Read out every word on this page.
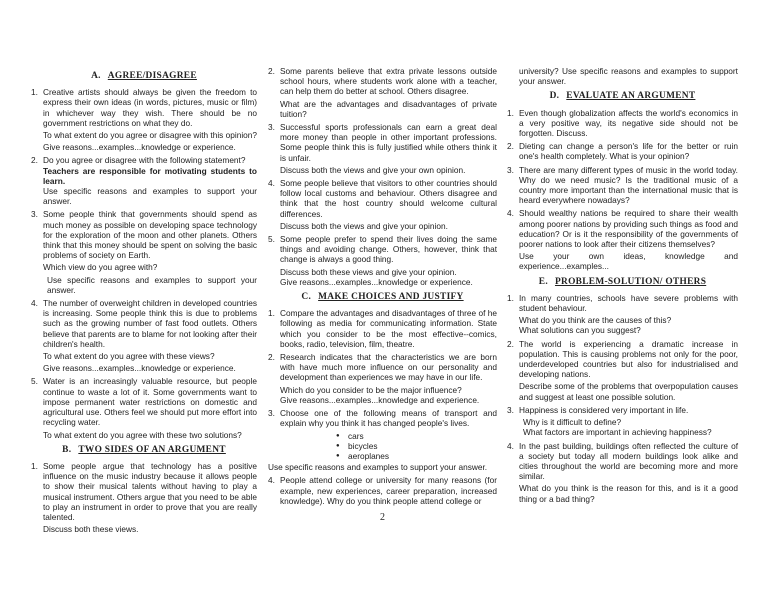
A. AGREE/DISAGREE
1. Creative artists should always be given the freedom to express their own ideas (in words, pictures, music or film) in whichever way they wish. There should be no government restrictions on what they do.

To what extent do you agree or disagree with this opinion?

Give reasons...examples...knowledge or experience.

2. Do you agree or disagree with the following statement?

Teachers are responsible for motivating students to learn.

Use specific reasons and examples to support your answer.

3. Some people think that governments should spend as much money as possible on developing space technology for the exploration of the moon and other planets. Others think that this money should be spent on solving the basic problems of society on Earth.

Which view do you agree with?

Use specific reasons and examples to support your answer.

4. The number of overweight children in developed countries is increasing. Some people think this is due to problems such as the growing number of fast food outlets. Others believe that parents are to blame for not looking after their children's health.

To what extent do you agree with these views?

Give reasons...examples...knowledge or experience.

5. Water is an increasingly valuable resource, but people continue to waste a lot of it. Some governments want to impose permanent water restrictions on domestic and agricultural use. Others feel we should put more effort into recycling water.

To what extent do you agree with these two solutions?

B. TWO SIDES OF AN ARGUMENT
1. Some people argue that technology has a positive influence on the music industry because it allows people to show their musical talents without having to play a musical instrument. Others argue that you need to be able to play an instrument in order to prove that you are really talented.

Discuss both these views.

2. Some parents believe that extra private lessons outside school hours, where students work alone with a teacher, can help them do better at school. Others disagree.

What are the advantages and disadvantages of private tuition?

3. Successful sports professionals can earn a great deal more money than people in other important professions. Some people think this is fully justified while others think it is unfair.

Discuss both the views and give your own opinion.

4. Some people believe that visitors to other countries should follow local customs and behaviour. Others disagree and think that the host country should welcome cultural differences.

Discuss both the views and give your opinion.

5. Some people prefer to spend their lives doing the same things and avoiding change. Others, however, think that change is always a good thing.

Discuss both these views and give your opinion.

Give reasons...examples...knowledge or experience.

C. MAKE CHOICES AND JUSTIFY
1. Compare the advantages and disadvantages of three of he following as media for communicating information. State which you consider to be the most effective--comics, books, radio, television, film, theatre.

2. Research indicates that the characteristics we are born with have much more influence on our personality and development than experiences we may have in our life.

Which do you consider to be the major influence?

Give reasons...examples...knowledge and experience.

3. Choose one of the following means of transport and explain why you think it has changed people's lives.

● cars
● bicycles
● aeroplanes

Use specific reasons and examples to support your answer.

4. People attend college or university for many reasons (for example, new experiences, career preparation, increased knowledge). Why do you think people attend college or

university? Use specific reasons and examples to support your answer.

D. EVALUATE AN ARGUMENT
1. Even though globalization affects the world's economics in a very positive way, its negative side should not be forgotten. Discuss.

2. Dieting can change a person's life for the better or ruin one's health completely. What is your opinion?

3. There are many different types of music in the world today. Why do we need music? Is the traditional music of a country more important than the international music that is heard everywhere nowadays?

4. Should wealthy nations be required to share their wealth among poorer nations by providing such things as food and education? Or is it the responsibility of the governments of poorer nations to look after their citizens themselves?

Use your own ideas, knowledge and experience...examples...

E. PROBLEM-SOLUTION/ OTHERS
1. In many countries, schools have severe problems with student behaviour.

What do you think are the causes of this?

What solutions can you suggest?

2. The world is experiencing a dramatic increase in population. This is causing problems not only for the poor, underdeveloped countries but also for industrialised and developing nations.

Describe some of the problems that overpopulation causes and suggest at least one possible solution.

3. Happiness is considered very important in life.

Why is it difficult to define?

What factors are important in achieving happiness?

4. In the past building, buildings often reflected the culture of a society but today all modern buildings look alike and cities throughout the world are becoming more and more similar.

What do you think is the reason for this, and is it a good thing or a bad thing?

2
